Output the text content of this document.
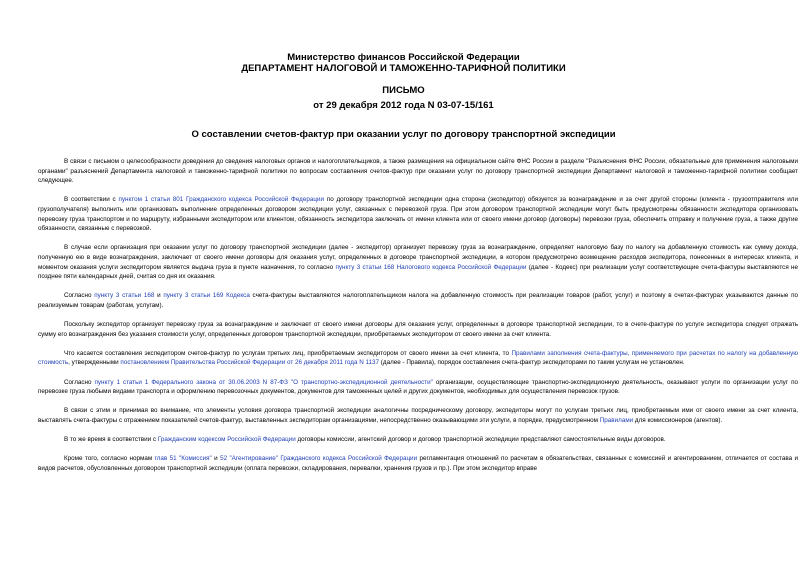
Министерство финансов Российской Федерации
ДЕПАРТАМЕНТ НАЛОГОВОЙ И ТАМОЖЕННО-ТАРИФНОЙ ПОЛИТИКИ
ПИСЬМО
от 29 декабря 2012 года N 03-07-15/161
О составлении счетов-фактур при оказании услуг по договору транспортной экспедиции

В связи с письмом о целесообразности доведения до сведения налоговых органов и налогоплательщиков, а также размещения на официальном сайте ФНС России в разделе "Разъяснения ФНС России, обязательные для применения налоговыми органами" разъяснений Департамента налоговой и таможенно-тарифной политики по вопросам составления счетов-фактур при оказании услуг по договору транспортной экспедиции Департамент налоговой и таможенно-тарифной политики сообщает следующее.

В соответствии с пунктом 1 статьи 801 Гражданского кодекса Российской Федерации по договору транспортной экспедиции одна сторона (экспедитор) обязуется за вознаграждение и за счет другой стороны (клиента - грузоотправителя или грузополучателя) выполнить или организовать выполнение определенных договором экспедиции услуг, связанных с перевозкой груза. При этом договором транспортной экспедиции могут быть предусмотрены обязанности экспедитора организовать перевозку груза транспортом и по маршруту, избранными экспедитором или клиентом, обязанность экспедитора заключать от имени клиента или от своего имени договор (договоры) перевозки груза, обеспечить отправку и получение груза, а также другие обязанности, связанные с перевозкой.

В случае если организация при оказании услуг по договору транспортной экспедиции (далее - экспедитор) организует перевозку груза за вознаграждение, определяет налоговую базу по налогу на добавленную стоимость как сумму дохода, полученную ею в виде вознаграждения, заключает от своего имени договоры для оказания услуг, определенных в договоре транспортной экспедиции, в котором предусмотрено возмещение расходов экспедитора, понесенных в интересах клиента, и моментом оказания услуги экспедитором является выдача груза в пункте назначения, то согласно пункту 3 статьи 168 Налогового кодекса Российской Федерации (далее - Кодекс) при реализации услуг соответствующие счета-фактуры выставляются не позднее пяти календарных дней, считая со дня их оказания.

Согласно пункту 3 статьи 168 и пункту 3 статьи 169 Кодекса счета-фактуры выставляются налогоплательщиком налога на добавленную стоимость при реализации товаров (работ, услуг) и поэтому в счетах-фактурах указываются данные по реализуемым товарам (работам, услугам).

Поскольку экспедитор организует перевозку груза за вознаграждение и заключает от своего имени договоры для оказания услуг, определенных в договоре транспортной экспедиции, то в счете-фактуре по услуге экспедитора следует отражать сумму его вознаграждения без указания стоимости услуг, определенных договором транспортной экспедиции, приобретаемых экспедитором от своего имени за счет клиента.

Что касается составления экспедитором счетов-фактур по услугам третьих лиц, приобретаемым экспедитором от своего имени за счет клиента, то Правилами заполнения счета-фактуры, применяемого при расчетах по налогу на добавленную стоимость, утвержденными постановлением Правительства Российской Федерации от 26 декабря 2011 года N 1137 (далее - Правила), порядок составления счета-фактур экспедиторами по таким услугам не установлен.

Согласно пункту 1 статьи 1 Федерального закона от 30.06.2003 N 87-ФЗ "О транспортно-экспедиционной деятельности" организации, осуществляющие транспортно-экспедиционную деятельность, оказывают услуги по организации услуг по перевозке груза любыми видами транспорта и оформлению перевозочных документов, документов для таможенных целей и других документов, необходимых для осуществления перевозок грузов.

В связи с этим и принимая во внимание, что элементы условия договора транспортной экспедиции аналогичны посредническому договору, экспедиторы могут по услугам третьих лиц, приобретаемым ими от своего имени за счет клиента, выставлять счета-фактуры с отражением показателей счетов-фактур, выставленных экспедиторам организациями, непосредственно оказывающими эти услуги, в порядке, предусмотренном Правилами для комиссионеров (агентов).

В то же время в соответствии с Гражданским кодексом Российской Федерации договоры комиссии, агентский договор и договор транспортной экспедиции представляют самостоятельные виды договоров.

Кроме того, согласно нормам глав 51 "Комиссия" и 52 "Агентирование" Гражданского кодекса Российской Федерации регламентация отношений по расчетам в обязательствах, связанных с комиссией и агентированием, отличается от состава и видов расчетов, обусловленных договором транспортной экспедиции (оплата перевозки, складирования, перевалки, хранения грузов и пр.). При этом экспедитор вправе
